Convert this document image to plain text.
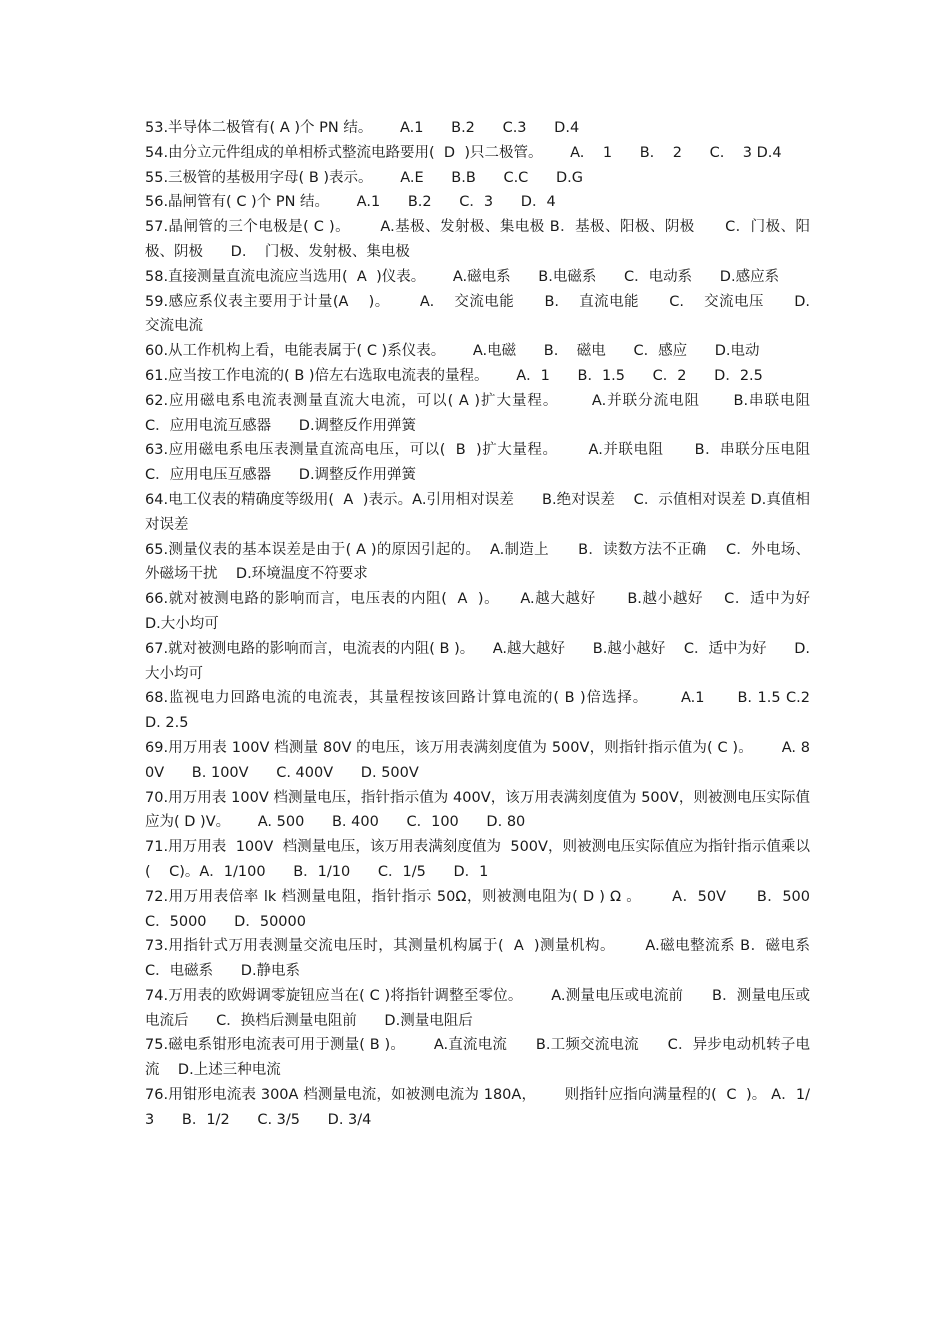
53.半导体二极管有( A )个 PN 结。      A.1      B.2      C.3      D.4

54.由分立元件组成的单相桥式整流电路要用(  D  )只二极管。      A.    1      B.    2      C.    3 D.4

55.三极管的基极用字母( B )表示。      A.E      B.B      C.C      D.G

56.晶闸管有( C )个 PN 结。      A.1      B.2      C．3      D．4

57.晶闸管的三个电极是( C )。      A.基极、发射极、集电极 B．基极、阳极、阴极      C．门极、阳极、阴极      D.    门极、发射极、集电极

58.直接测量直流电流应当选用(  A  )仪表。      A.磁电系      B.电磁系      C．电动系      D.感应系

59.感应系仪表主要用于计量(A    )。      A.    交流电能      B.    直流电能      C.    交流电压      D.    交流电流

60.从工作机构上看，电能表属于( C )系仪表。      A.电磁      B.    磁电      C．感应      D.电动

61.应当按工作电流的( B )倍左右选取电流表的量程。      A．1      B．1.5      C．2      D．2.5

62.应用磁电系电流表测量直流大电流，可以( A )扩大量程。      A.并联分流电阻      B.串联电阻      C．应用电流互感器      D.调整反作用弹簧

63.应用磁电系电压表测量直流高电压，可以(  B  )扩大量程。      A.并联电阻      B．串联分压电阻      C．应用电压互感器      D.调整反作用弹簧

64.电工仪表的精确度等级用(  A  )表示。A.引用相对误差      B.绝对误差    C．示值相对误差 D.真值相对误差

65.测量仪表的基本误差是由于( A )的原因引起的。  A.制造上      B．读数方法不正确    C．外电场、外磁场干扰    D.环境温度不符要求

66.就对被测电路的影响而言，电压表的内阻(  A  )。    A.越大越好      B.越小越好    C．适中为好      D.大小均可

67.就对被测电路的影响而言，电流表的内阻( B )。    A.越大越好      B.越小越好    C．适中为好      D.大小均可

68.监视电力回路电流的电流表，其量程按该回路计算电流的( B )倍选择。      A.1      B. 1.5 C.2      D. 2.5

69.用万用表 100V 档测量 80V 的电压，该万用表满刻度值为 500V，则指针指示值为( C )。      A. 80V      B. 100V      C. 400V      D. 500V

70.用万用表 100V 档测量电压，指针指示值为 400V，该万用表满刻度值为 500V，则被测电压实际值应为( D )V。      A. 500      B. 400      C．100      D. 80

71.用万用表  100V  档测量电压，该万用表满刻度值为  500V，则被测电压实际值应为指针指示值乘以(    C)。A．1/100      B．1/10      C．1/5      D．1

72.用万用表倍率 lk 档测量电阻，指针指示 50Ω，则被测电阻为( D ) Ω 。      A．50V      B．500 C．5000      D．50000

73.用指针式万用表测量交流电压时，其测量机构属于(  A  )测量机构。      A.磁电整流系 B．磁电系      C．电磁系      D.静电系

74.万用表的欧姆调零旋钮应当在( C )将指针调整至零位。      A.测量电压或电流前      B．测量电压或电流后      C．换档后测量电阻前      D.测量电阻后

75.磁电系钳形电流表可用于测量( B )。      A.直流电流      B.工频交流电流      C．异步电动机转子电流    D.上述三种电流

76.用钳形电流表 300A 档测量电流，如被测电流为 180A，      则指针应指向满量程的(  C  )。 A．1/3      B．1/2      C. 3/5      D. 3/4
